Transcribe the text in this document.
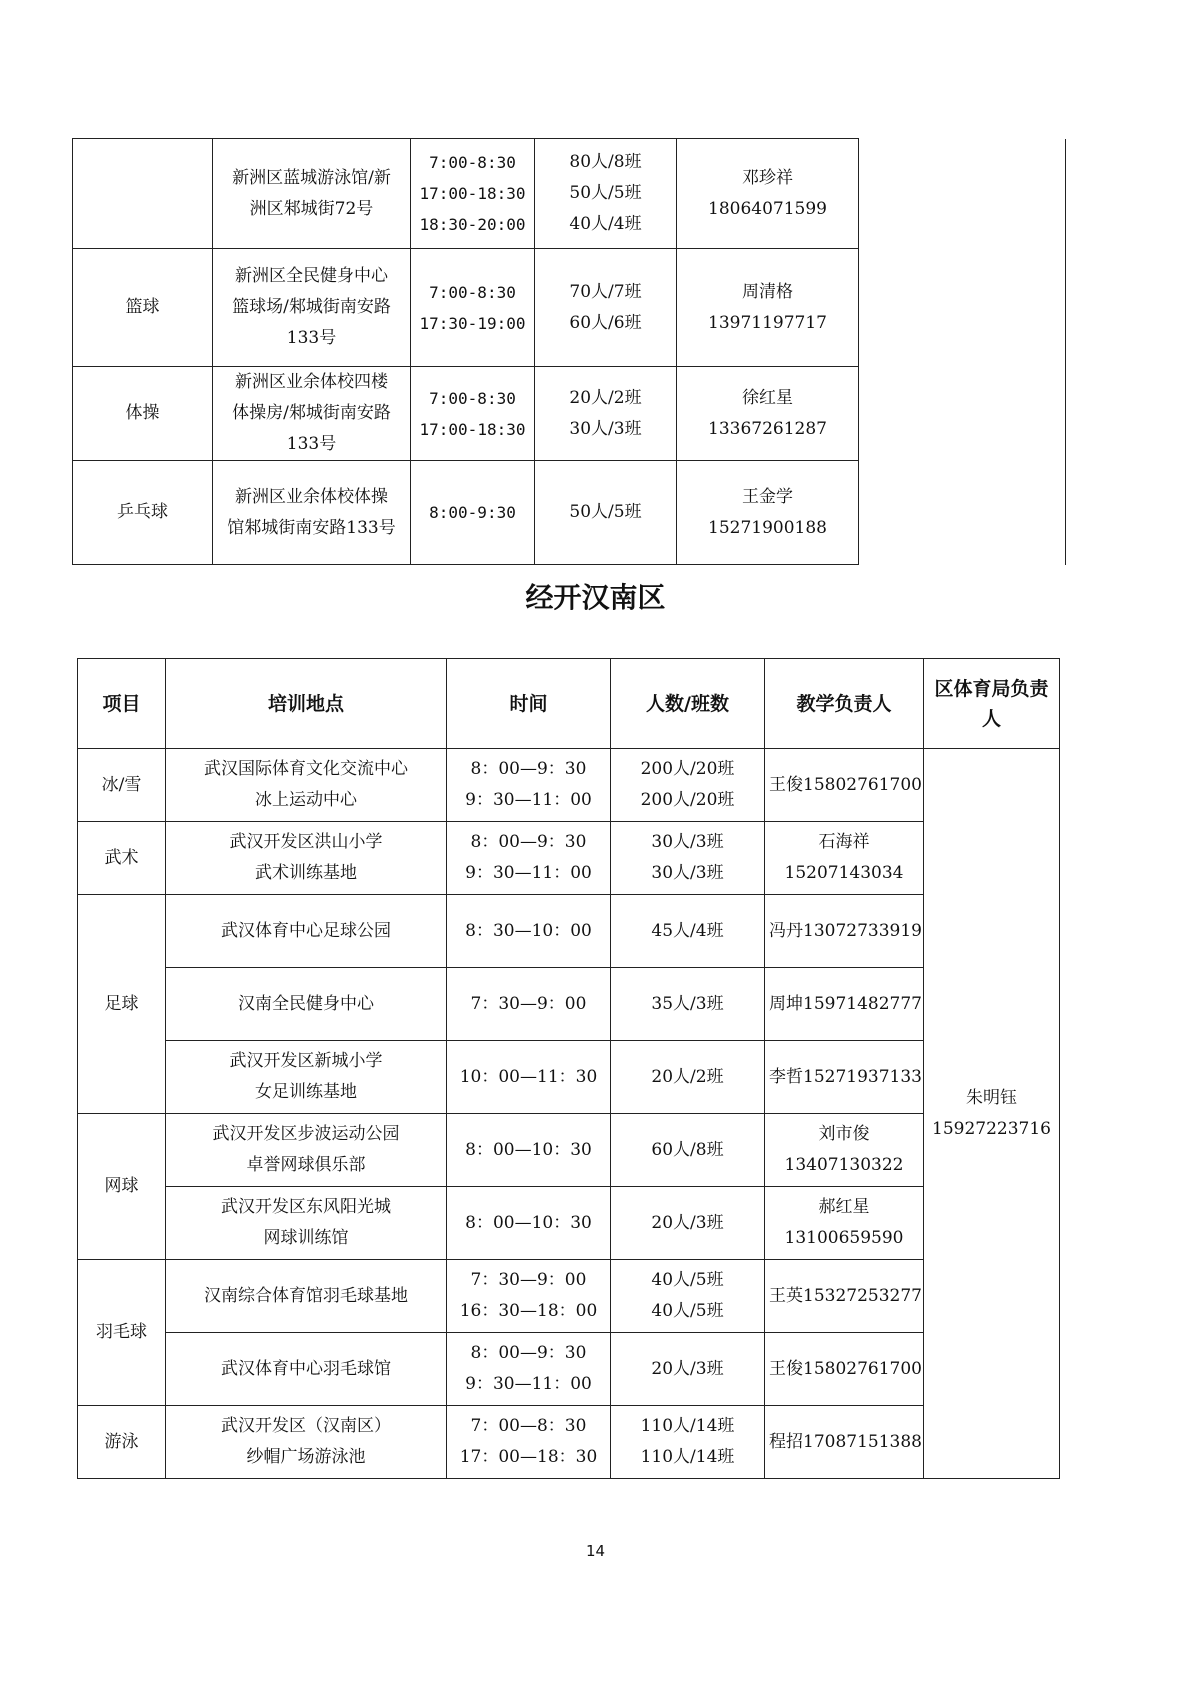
	新洲区蓝城游泳馆/新
洲区邾城街72号	7:00-8:30
17:00-18:30
18:30-20:00	80人/8班
50人/5班
40人/4班	邓珍祥
18064071599	

篮球	新洲区全民健身中心
篮球场/邾城街南安路
133号	7:00-8:30
17:30-19:00	70人/7班
60人/6班	周清格
13971197717	

体操	新洲区业余体校四楼
体操房/邾城街南安路
133号	7:00-8:30
17:00-18:30	20人/2班
30人/3班	徐红星
13367261287	

乒乓球	新洲区业余体校体操
馆邾城街南安路133号	8:00-9:30	50人/5班	王金学
15271900188	
经开汉南区
项目	培训地点	时间	人数/班数	教学负责人	区体育局负责人

冰/雪	武汉国际体育文化交流中心
冰上运动中心	8：00—9：30
9：30—11：00	200人/20班
200人/20班	王俊15802761700	朱明钰
15927223716

武术	武汉开发区洪山小学
武术训练基地	8：00—9：30
9：30—11：00	30人/3班
30人/3班	石海祥
15207143034	

足球	武汉体育中心足球公园	8：30—10：00	45人/4班	冯丹13072733919	

	汉南全民健身中心	7：30—9：00	35人/3班	周坤15971482777	

	武汉开发区新城小学
女足训练基地	10：00—11：30	20人/2班	李哲15271937133	

网球	武汉开发区步波运动公园
卓誉网球俱乐部	8：00—10：30	60人/8班	刘市俊
13407130322	

	武汉开发区东风阳光城
网球训练馆	8：00—10：30	20人/3班	郝红星
13100659590	

羽毛球	汉南综合体育馆羽毛球基地	7：30—9：00
16：30—18：00	40人/5班
40人/5班	王英15327253277	

	武汉体育中心羽毛球馆	8：00—9：30
9：30—11：00	20人/3班	王俊15802761700	

游泳	武汉开发区（汉南区）
纱帽广场游泳池	7：00—8：30
17：00—18：30	110人/14班
110人/14班	程招17087151388	
14
